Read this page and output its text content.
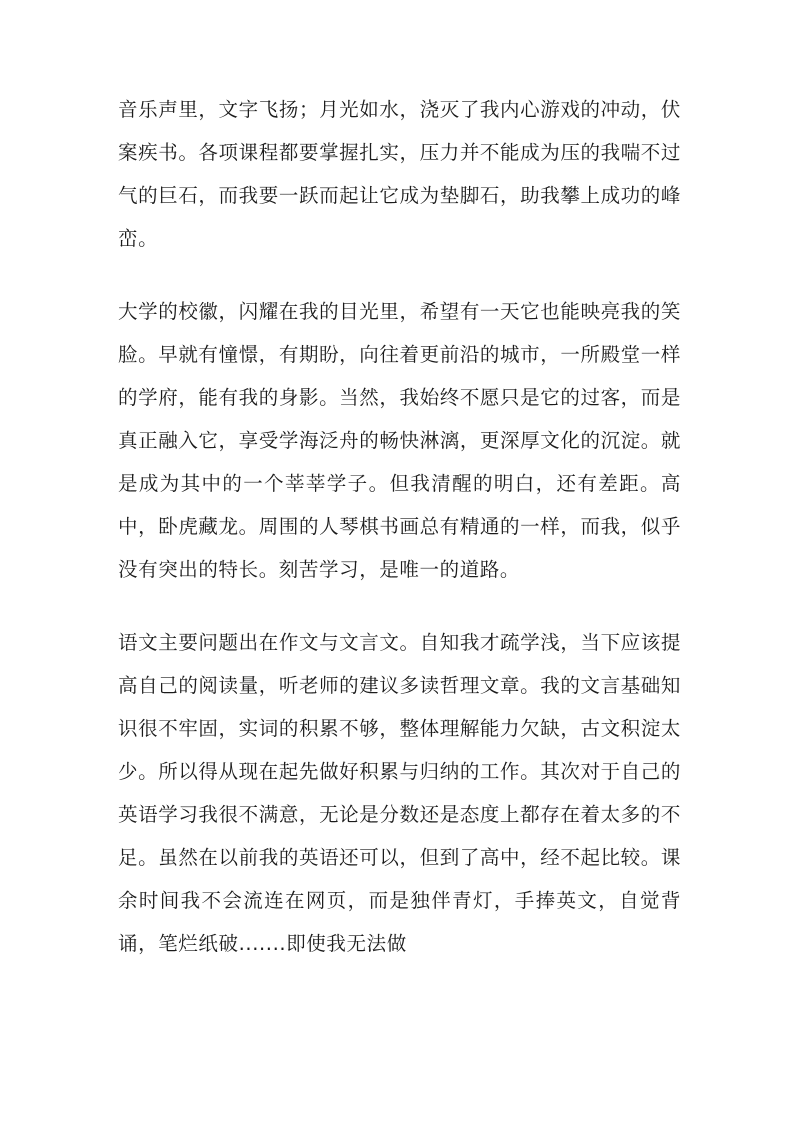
音乐声里，文字飞扬；月光如水，浇灭了我内心游戏的冲动，伏案疾书。各项课程都要掌握扎实，压力并不能成为压的我喘不过气的巨石，而我要一跃而起让它成为垫脚石，助我攀上成功的峰峦。

大学的校徽，闪耀在我的目光里，希望有一天它也能映亮我的笑脸。早就有憧憬，有期盼，向往着更前沿的城市，一所殿堂一样的学府，能有我的身影。当然，我始终不愿只是它的过客，而是真正融入它，享受学海泛舟的畅快淋漓，更深厚文化的沉淀。就是成为其中的一个莘莘学子。但我清醒的明白，还有差距。高中，卧虎藏龙。周围的人琴棋书画总有精通的一样，而我，似乎没有突出的特长。刻苦学习，是唯一的道路。

语文主要问题出在作文与文言文。自知我才疏学浅，当下应该提高自己的阅读量，听老师的建议多读哲理文章。我的文言基础知识很不牢固，实词的积累不够，整体理解能力欠缺，古文积淀太少。所以得从现在起先做好积累与归纳的工作。其次对于自己的英语学习我很不满意，无论是分数还是态度上都存在着太多的不足。虽然在以前我的英语还可以，但到了高中，经不起比较。课余时间我不会流连在网页，而是独伴青灯，手捧英文，自觉背诵，笔烂纸破.......即使我无法做
